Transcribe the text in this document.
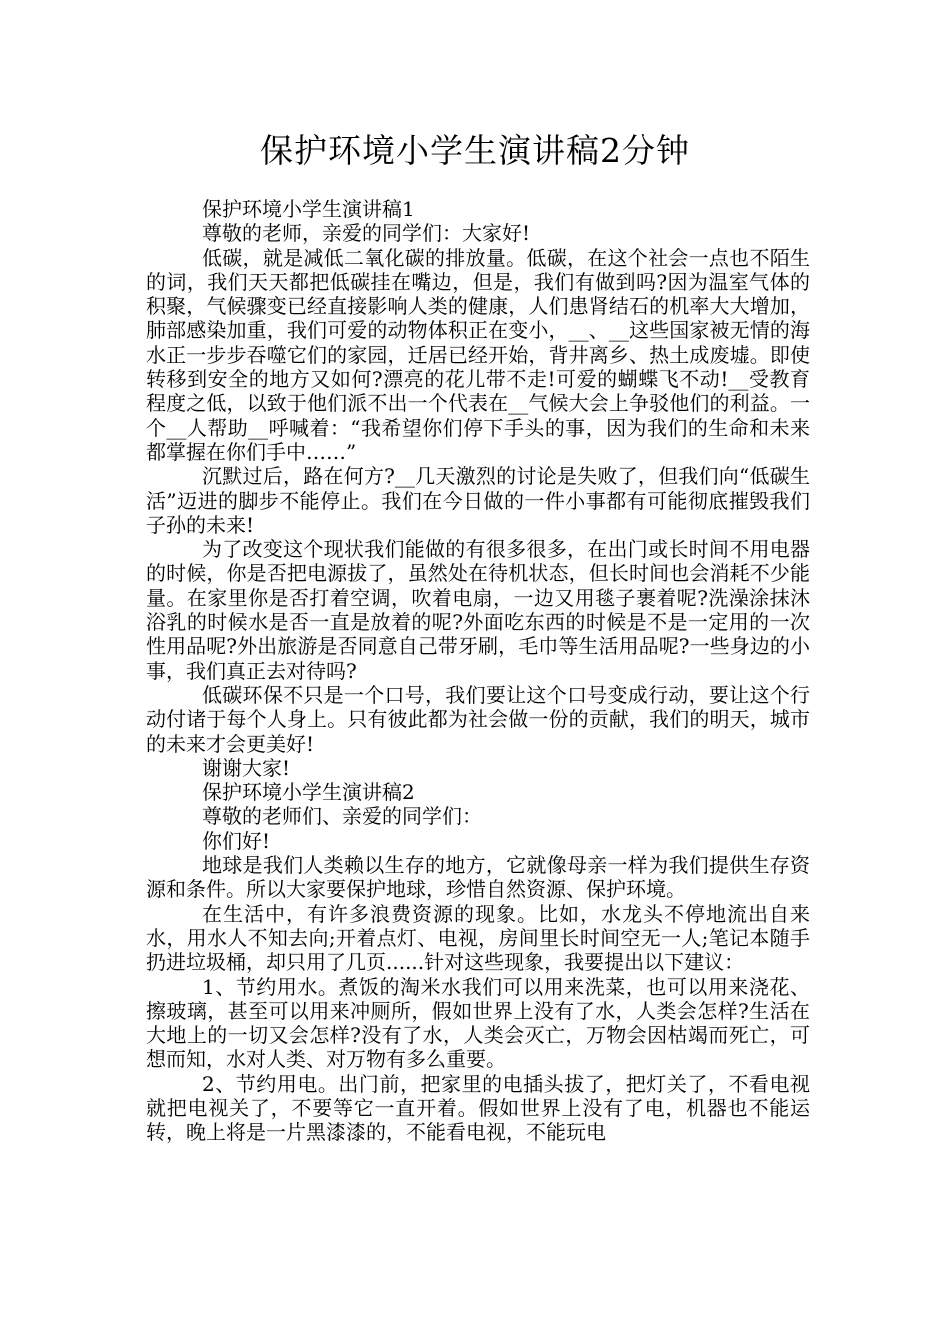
保护环境小学生演讲稿2分钟

保护环境小学生演讲稿1

尊敬的老师，亲爱的同学们：大家好!

低碳，就是减低二氧化碳的排放量。低碳，在这个社会一点也不陌生的词，我们天天都把低碳挂在嘴边，但是，我们有做到吗?因为温室气体的积聚，气候骤变已经直接影响人类的健康，人们患肾结石的机率大大增加，肺部感染加重，我们可爱的动物体积正在变小，__、__这些国家被无情的海水正一步步吞噬它们的家园，迁居已经开始，背井离乡、热土成废墟。即使转移到安全的地方又如何?漂亮的花儿带不走!可爱的蝴蝶飞不动!__受教育程度之低，以致于他们派不出一个代表在__气候大会上争驳他们的利益。一个__人帮助__呼喊着：“我希望你们停下手头的事，因为我们的生命和未来都掌握在你们手中……”

沉默过后，路在何方?__几天激烈的讨论是失败了，但我们向“低碳生活”迈进的脚步不能停止。我们在今日做的一件小事都有可能彻底摧毁我们子孙的未来!

为了改变这个现状我们能做的有很多很多，在出门或长时间不用电器的时候，你是否把电源拔了，虽然处在待机状态，但长时间也会消耗不少能量。在家里你是否打着空调，吹着电扇，一边又用毯子裹着呢?洗澡涂抹沐浴乳的时候水是否一直是放着的呢?外面吃东西的时候是不是一定用的一次性用品呢?外出旅游是否同意自己带牙刷，毛巾等生活用品呢?一些身边的小事，我们真正去对待吗?

低碳环保不只是一个口号，我们要让这个口号变成行动，要让这个行动付诸于每个人身上。只有彼此都为社会做一份的贡献，我们的明天，城市的未来才会更美好!

谢谢大家!

保护环境小学生演讲稿2

尊敬的老师们、亲爱的同学们：

你们好!

地球是我们人类赖以生存的地方，它就像母亲一样为我们提供生存资源和条件。所以大家要保护地球，珍惜自然资源、保护环境。

在生活中，有许多浪费资源的现象。比如，水龙头不停地流出自来水，用水人不知去向;开着点灯、电视，房间里长时间空无一人;笔记本随手扔进垃圾桶，却只用了几页......针对这些现象，我要提出以下建议：

1、节约用水。煮饭的淘米水我们可以用来洗菜，也可以用来浇花、擦玻璃，甚至可以用来冲厕所，假如世界上没有了水，人类会怎样?生活在大地上的一切又会怎样?没有了水，人类会灭亡，万物会因枯竭而死亡，可想而知，水对人类、对万物有多么重要。

2、节约用电。出门前，把家里的电插头拔了，把灯关了，不看电视就把电视关了，不要等它一直开着。假如世界上没有了电，机器也不能运转，晚上将是一片黑漆漆的，不能看电视，不能玩电
